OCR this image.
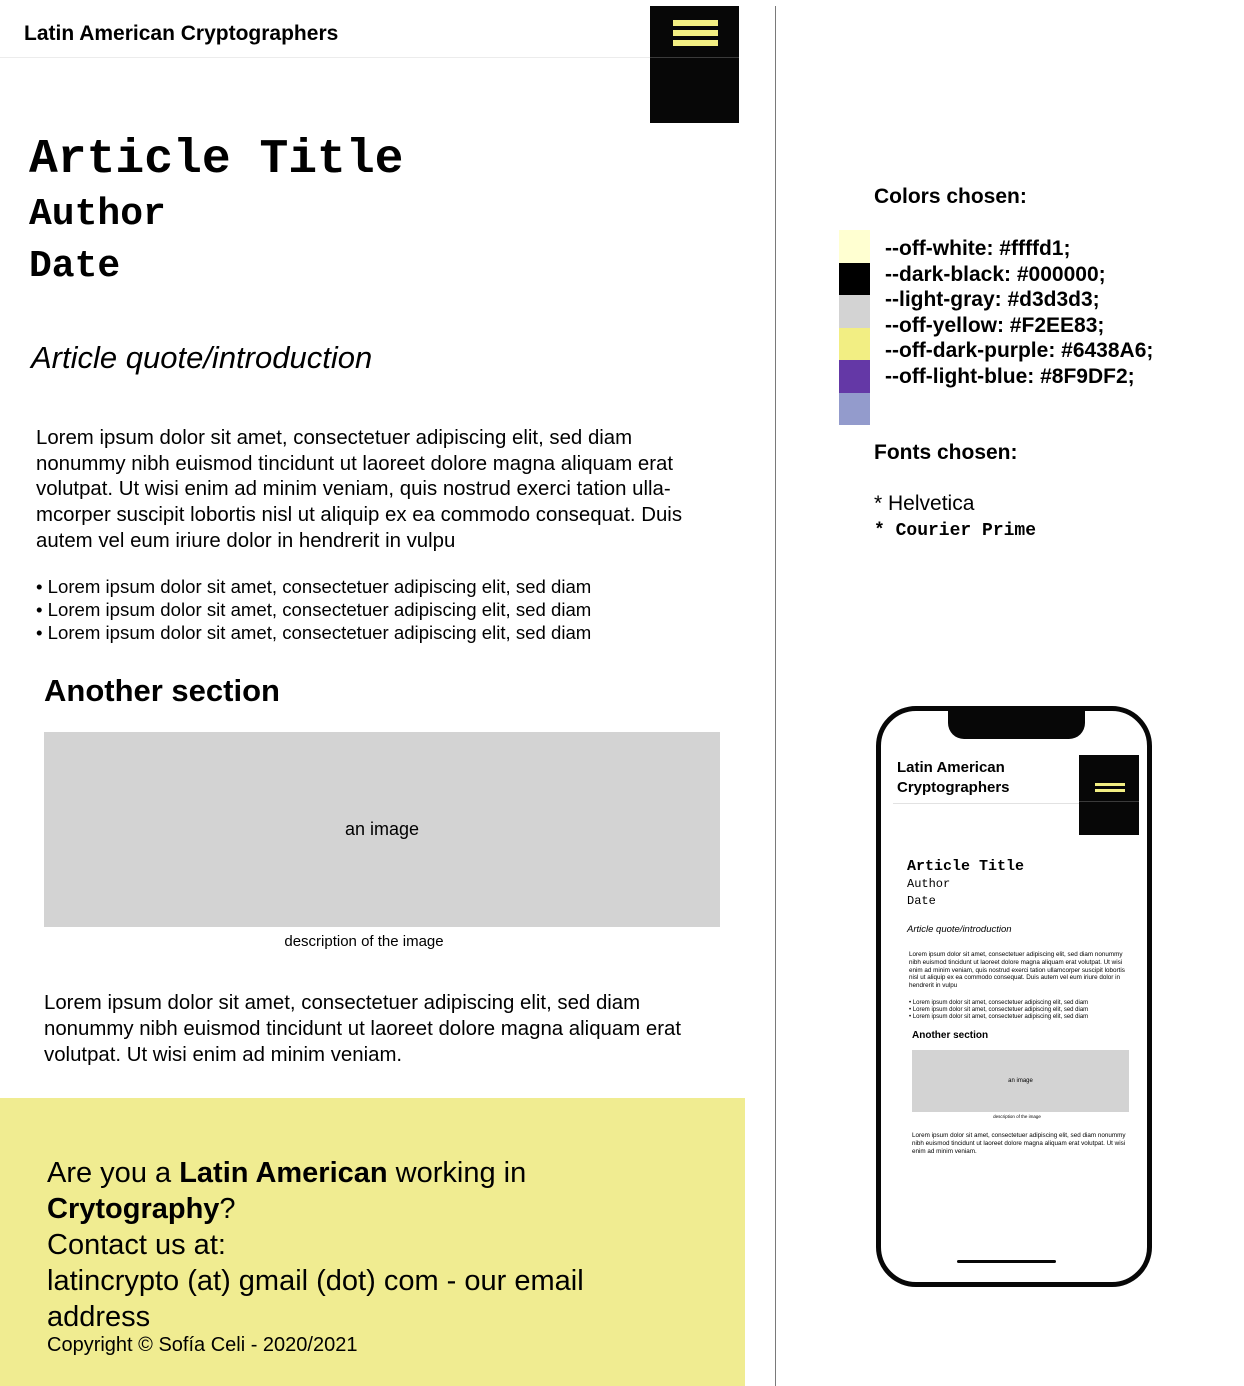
Latin American Cryptographers
Article Title
Author
Date
Article quote/introduction
Lorem ipsum dolor sit amet, consectetuer adipiscing elit, sed diam nonummy nibh euismod tincidunt ut laoreet dolore magna aliquam erat volutpat. Ut wisi enim ad minim veniam, quis nostrud exerci tation ulla-mcorper suscipit lobortis nisl ut aliquip ex ea commodo consequat. Duis autem vel eum iriure dolor in hendrerit in vulpu
• Lorem ipsum dolor sit amet, consectetuer adipiscing elit, sed diam
• Lorem ipsum dolor sit amet, consectetuer adipiscing elit, sed diam
• Lorem ipsum dolor sit amet, consectetuer adipiscing elit, sed diam
Another section
an image
description of the image
Lorem ipsum dolor sit amet, consectetuer adipiscing elit, sed diam nonummy nibh euismod tincidunt ut laoreet dolore magna aliquam erat volutpat. Ut wisi enim ad minim veniam.
Are you a Latin American working in
Crytography?
Contact us at:
latincrypto (at) gmail (dot) com - our email address
Copyright © Sofía Celi - 2020/2021
Colors chosen:
--off-white: #ffffd1;
--dark-black: #000000;
--light-gray: #d3d3d3;
--off-yellow: #F2EE83;
--off-dark-purple: #6438A6;
--off-light-blue: #8F9DF2;
Fonts chosen:
* Helvetica
* Courier Prime
Latin American
Cryptographers
Article Title
Author
Date
Article quote/introduction
Lorem ipsum dolor sit amet, consectetuer adipiscing elit, sed diam nonummy nibh euismod tincidunt ut laoreet dolore magna aliquam erat volutpat. Ut wisi enim ad minim veniam, quis nostrud exerci tation ullamcorper suscipit lobortis nisl ut aliquip ex ea commodo consequat. Duis autem vel eum iriure dolor in hendrerit in vulpu
• Lorem ipsum dolor sit amet, consectetuer adipiscing elit, sed diam
• Lorem ipsum dolor sit amet, consectetuer adipiscing elit, sed diam
• Lorem ipsum dolor sit amet, consectetuer adipiscing elit, sed diam
Another section
an image
description of the image
Lorem ipsum dolor sit amet, consectetuer adipiscing elit, sed diam nonummy nibh euismod tincidunt ut laoreet dolore magna aliquam erat volutpat. Ut wisi enim ad minim veniam.
